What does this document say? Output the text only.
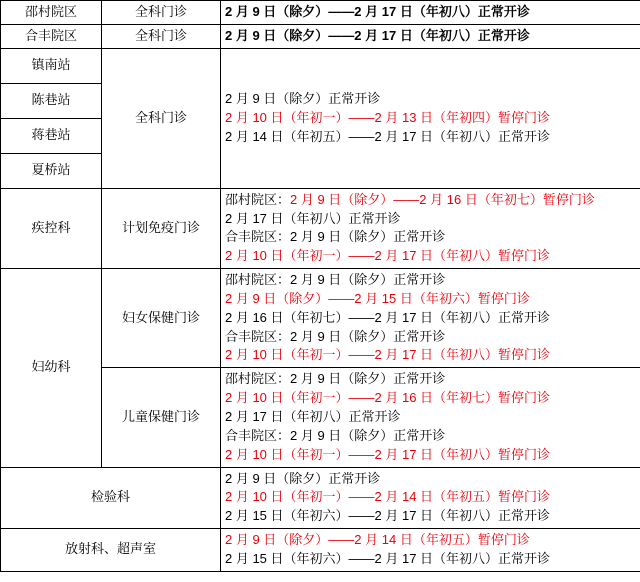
邵村院区	全科门诊	2 月 9 日（除夕）——2 月 17 日（年初八）正常开诊

合丰院区	全科门诊	2 月 9 日（除夕）——2 月 17 日（年初八）正常开诊

镇南站	全科门诊	2 月 9 日（除夕）正常开诊
2 月 10 日（年初一）——2 月 13 日（年初四）暂停门诊
2 月 14 日（年初五）——2 月 17 日（年初八）正常开诊

陈巷站		
蒋巷站		
夏桥站		
疾控科	计划免疫门诊	邵村院区：2 月 9 日（除夕）——2 月 16 日（年初七）暂停门诊
2 月 17 日（年初八）正常开诊
合丰院区：2 月 9 日（除夕）正常开诊
2 月 10 日（年初一）——2 月 17 日（年初八）暂停门诊

妇幼科	妇女保健门诊	邵村院区：2 月 9 日（除夕）正常开诊
2 月 9 日（除夕）——2 月 15 日（年初六）暂停门诊
2 月 16 日（年初七）——2 月 17 日（年初八）正常开诊
合丰院区：2 月 9 日（除夕）正常开诊
2 月 10 日（年初一）——2 月 17 日（年初八）暂停门诊

	儿童保健门诊	邵村院区：2 月 9 日（除夕）正常开诊
2 月 10 日（年初一）——2 月 16 日（年初七）暂停门诊
2 月 17 日（年初八）正常开诊
合丰院区：2 月 9 日（除夕）正常开诊
2 月 10 日（年初一）——2 月 17 日（年初八）暂停门诊

检验科		2 月 9 日（除夕）正常开诊
2 月 10 日（年初一）——2 月 14 日（年初五）暂停门诊
2 月 15 日（年初六）——2 月 17 日（年初八）正常开诊

放射科、超声室		2 月 9 日（除夕）——2 月 14 日（年初五）暂停门诊
2 月 15 日（年初六）——2 月 17 日（年初八）正常开诊
